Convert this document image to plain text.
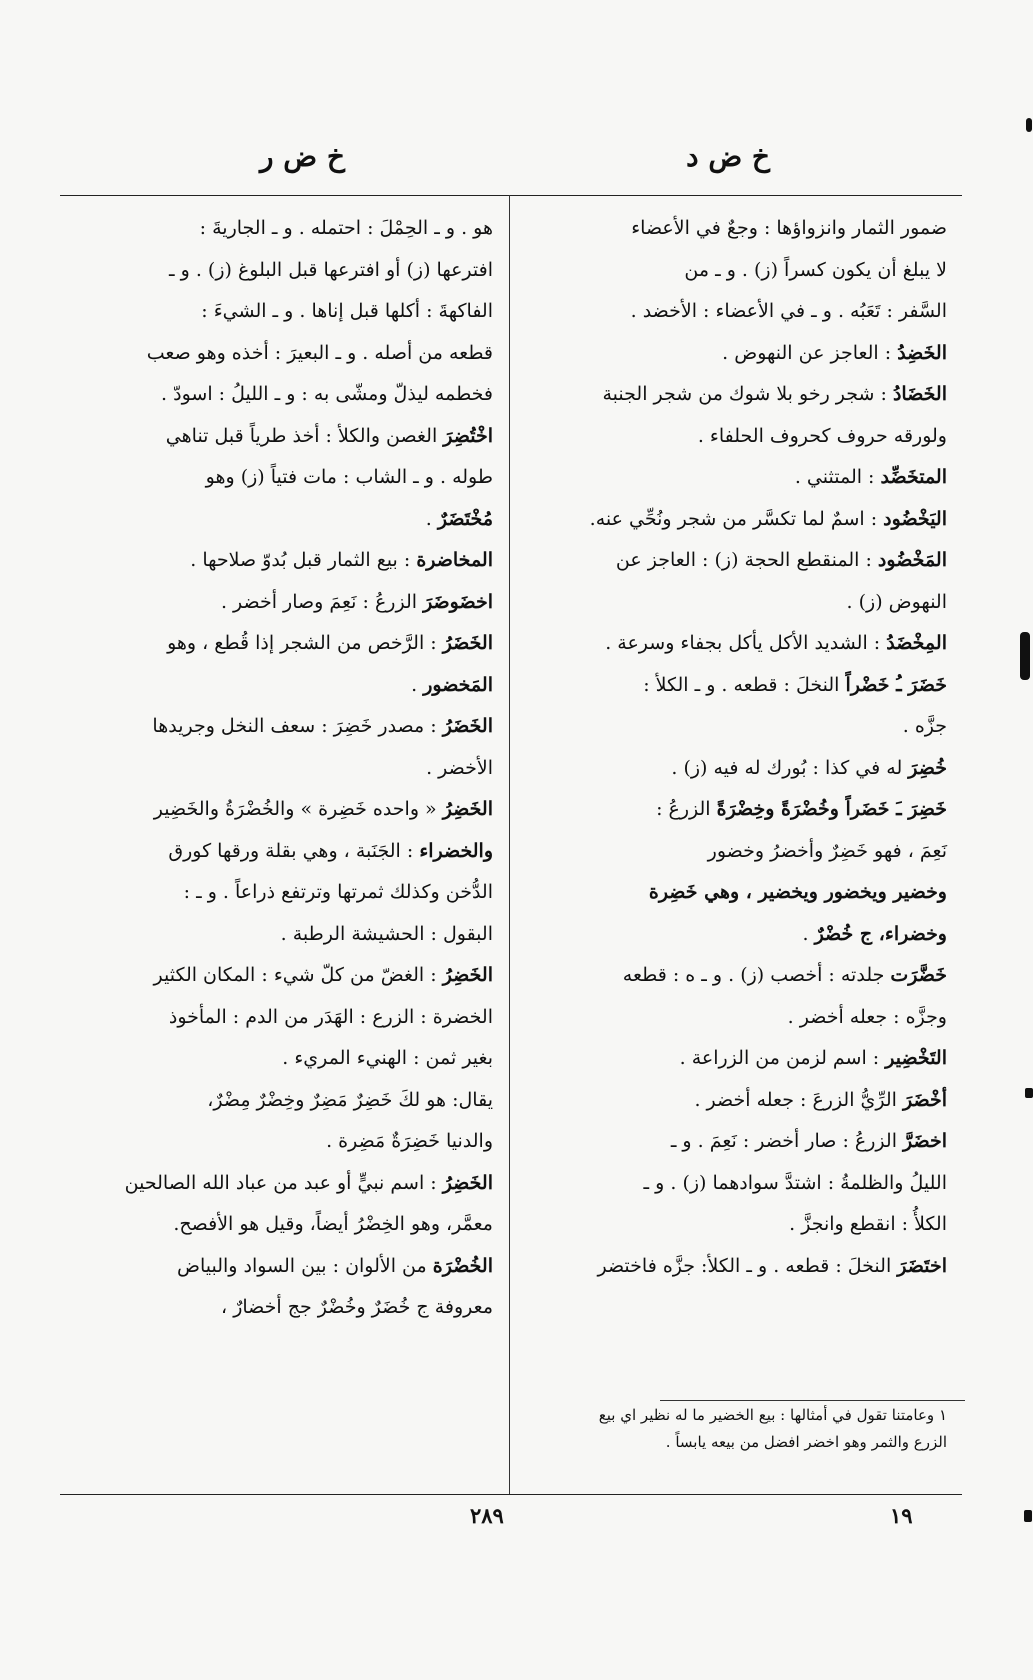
خ ض د
خ ض ر

ضمور الثمار وانزواؤها : وجعٌ في الأعضاء

لا يبلغ أن يكون كسراً (ز) . و ـ من

السَّفر : تَعَبُه . و ـ في الأعضاء : الأخضد .

الخَضِدُ : العاجز عن النهوض .

الخَضَادُ : شجر رخو بلا شوك من شجر الجنبة

ولورقه حروف كحروف الحلفاء .

المتخَضِّد : المتثني .

اليَخْضُود : اسمٌ لما تكسَّر من شجر ونُحِّي عنه.

المَخْضُود : المنقطع الحجة (ز) : العاجز عن

النهوض (ز) .

المِخْضَدُ : الشديد الأكل يأكل بجفاء وسرعة .

خَضَرَ ـُ خَضْراً النخلَ : قطعه . و ـ الكلأ :

جزَّه .

خُضِرَ له في كذا : بُورك له فيه (ز) .

خَضِرَ ـَ خَضَراً وخُضْرَةً وخِضْرَةً الزرعُ :

نَعِمَ ، فهو خَضِرٌ وأخضرُ وخضور

وخضير ويخضور ويخضير ، وهي خَضِرة

وخضراء، ج خُضْرٌ .

خَضَّرَت جلدته : أخصب (ز) . و ـ ه : قطعه

وجزَّه : جعله أخضر .

التَخْضِير : اسم لزمن من الزراعة .

أخْضَرَ الرِّيُّ الزرعَ : جعله أخضر .

اخضَرَّ الزرعُ : صار أخضر : نَعِمَ . و ـ

الليلُ والظلمةُ : اشتدَّ سوادهما (ز) . و ـ

الكلأُ : انقطع وانجزَّ .

اختَضَرَ النخلَ : قطعه . و ـ الكلأ: جزَّه فاختضر

هو . و ـ الحِمْلَ : احتمله . و ـ الجاريةَ :

افترعها (ز) أو افترعها قبل البلوغ (ز) . و ـ

الفاكهةَ : أكلها قبل إناها . و ـ الشيءَ :

قطعه من أصله . و ـ البعيرَ : أخذه وهو صعب

فخطمه ليذلّ ومشّى به : و ـ الليلُ : اسودّ .

اخْتُضِرَ الغصن والكلأ : أخذ طرياً قبل تناهي

طوله . و ـ الشاب : مات فتياً (ز) وهو

مُخْتَضَرٌ .

المخاضرة : بيع الثمار قبل بُدوّ صلاحها .

اخضَوضَرَ الزرعُ : نَعِمَ وصار أخضر .

الخَضَرُ : الرَّخص من الشجر إذا قُطع ، وهو

المَخضور .

الخَضَرُ : مصدر خَضِرَ : سعف النخل وجريدها

الأخضر .

الخَضِرُ « واحده خَضِرة » والخُضْرَةُ والخَضِير

والخضراء : الجَنَبة ، وهي بقلة ورقها كورق

الدُّخن وكذلك ثمرتها وترتفع ذراعاً . و ـ :

البقول : الحشيشة الرطبة .

الخَضِرُ : الغضّ من كلّ شيء : المكان الكثير

الخضرة : الزرع : الهَدَر من الدم : المأخوذ

بغير ثمن : الهنيء المريء .

يقال: هو لكَ خَضِرٌ مَضِرٌ وخِضْرٌ مِضْرٌ،

والدنيا خَضِرَةٌ مَضِرة .

الخَضِرُ : اسم نبيٍّ أو عبد من عباد الله الصالحين

معمَّر، وهو الخِضْرُ أيضاً، وقيل هو الأفصح.

الخُضْرَة من الألوان : بين السواد والبياض

معروفة ج خُضَرٌ وخُضْرٌ جج أخضارٌ ،

١ وعامتنا تقول في أمثالها : بيع الخضير ما له نظير اي بيع

الزرع والثمر وهو اخضر افضل من بيعه يابساً .

١٩
٢٨٩
